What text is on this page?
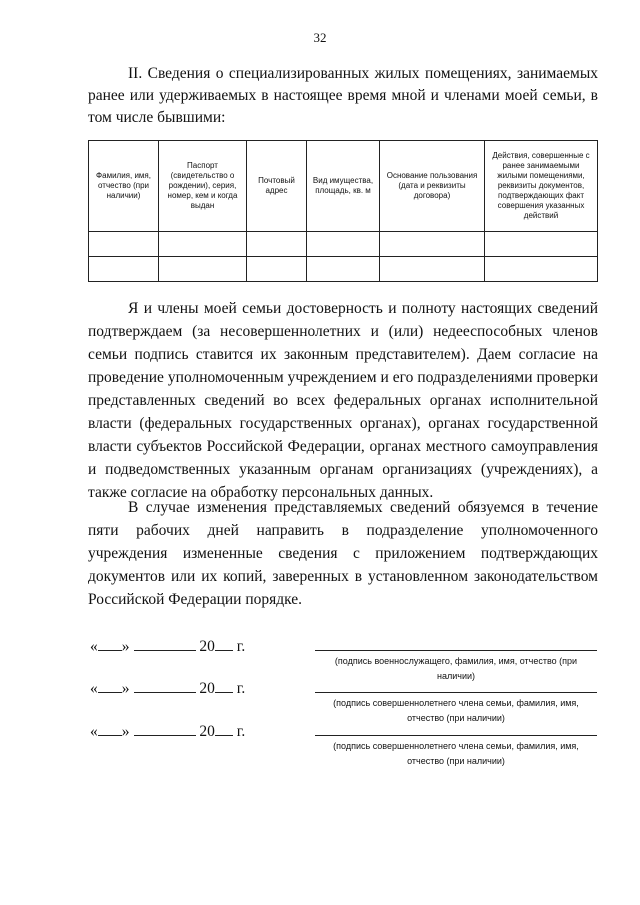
32
II. Сведения о специализированных жилых помещениях, занимаемых ранее или удерживаемых в настоящее время мной и членами моей семьи, в том числе бывшими:
Фамилия, имя, отчество (при наличии)	Паспорт (свидетельство о рождении), серия, номер, кем и когда выдан	Почтовый адрес	Вид имущества, площадь, кв. м	Основание пользования (дата и реквизиты договора)	Действия, совершенные с ранее занимаемыми жилыми помещениями, реквизиты документов, подтверждающих факт совершения указанных действий

Я и члены моей семьи достоверность и полноту настоящих сведений подтверждаем (за несовершеннолетних и (или) недееспособных членов семьи подпись ставится их законным представителем). Даем согласие на проведение уполномоченным учреждением и его подразделениями проверки представленных сведений во всех федеральных органах исполнительной власти (федеральных государственных органах), органах государственной власти субъектов Российской Федерации, органах местного самоуправления и подведомственных указанным органам организациях (учреждениях), а также согласие на обработку персональных данных.

В случае изменения представляемых сведений обязуемся в течение пяти рабочих дней направить в подразделение уполномоченного учреждения измененные сведения с приложением подтверждающих документов или их копий, заверенных в установленном законодательством Российской Федерации порядке.

« »	20 г.
(подпись военнослужащего, фамилия, имя, отчество (при наличии)
« »	20 г.
(подпись совершеннолетнего члена семьи, фамилия, имя, отчество (при наличии)
« »	20 г.
(подпись совершеннолетнего члена семьи, фамилия, имя, отчество (при наличии)
